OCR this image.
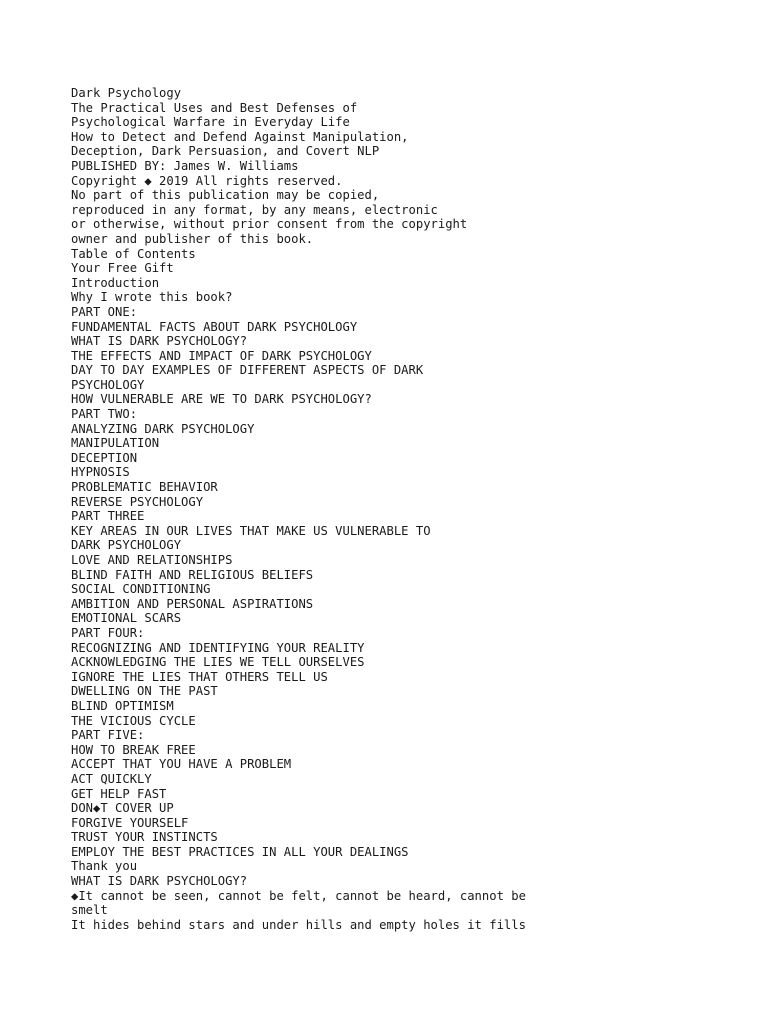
Dark Psychology
The Practical Uses and Best Defenses of
Psychological Warfare in Everyday Life
How to Detect and Defend Against Manipulation,
Deception, Dark Persuasion, and Covert NLP
PUBLISHED BY: James W. Williams
Copyright ◆ 2019 All rights reserved.
No part of this publication may be copied,
reproduced in any format, by any means, electronic
or otherwise, without prior consent from the copyright
owner and publisher of this book.
Table of Contents
Your Free Gift
Introduction
Why I wrote this book?
PART ONE:
FUNDAMENTAL FACTS ABOUT DARK PSYCHOLOGY
WHAT IS DARK PSYCHOLOGY?
THE EFFECTS AND IMPACT OF DARK PSYCHOLOGY
DAY TO DAY EXAMPLES OF DIFFERENT ASPECTS OF DARK
PSYCHOLOGY
HOW VULNERABLE ARE WE TO DARK PSYCHOLOGY?
PART TWO:
ANALYZING DARK PSYCHOLOGY
MANIPULATION
DECEPTION
HYPNOSIS
PROBLEMATIC BEHAVIOR
REVERSE PSYCHOLOGY
PART THREE
KEY AREAS IN OUR LIVES THAT MAKE US VULNERABLE TO
DARK PSYCHOLOGY
LOVE AND RELATIONSHIPS
BLIND FAITH AND RELIGIOUS BELIEFS
SOCIAL CONDITIONING
AMBITION AND PERSONAL ASPIRATIONS
EMOTIONAL SCARS
PART FOUR:
RECOGNIZING AND IDENTIFYING YOUR REALITY
ACKNOWLEDGING THE LIES WE TELL OURSELVES
IGNORE THE LIES THAT OTHERS TELL US
DWELLING ON THE PAST
BLIND OPTIMISM
THE VICIOUS CYCLE
PART FIVE:
HOW TO BREAK FREE
ACCEPT THAT YOU HAVE A PROBLEM
ACT QUICKLY
GET HELP FAST
DON◆T COVER UP
FORGIVE YOURSELF
TRUST YOUR INSTINCTS
EMPLOY THE BEST PRACTICES IN ALL YOUR DEALINGS
Thank you
WHAT IS DARK PSYCHOLOGY?
◆It cannot be seen, cannot be felt, cannot be heard, cannot be
smelt
It hides behind stars and under hills and empty holes it fills
